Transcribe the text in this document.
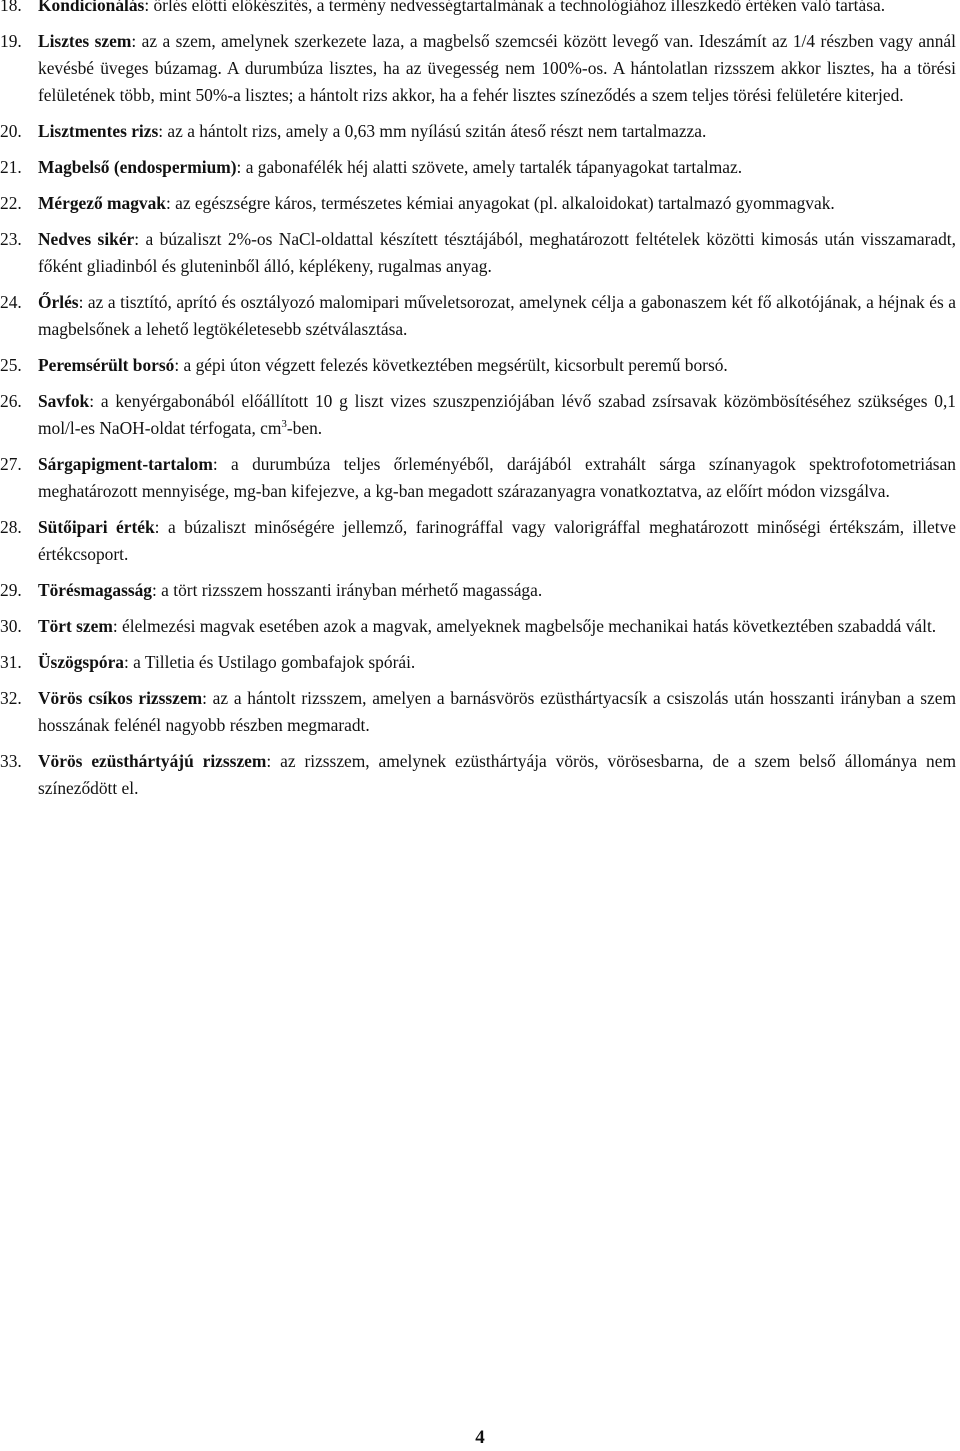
18. Kondicionálás: őrlés előtti előkészítés, a termény nedvességtartalmának a technológiához illeszkedő értéken való tartása.

19. Lisztes szem: az a szem, amelynek szerkezete laza, a magbelső szemcséi között levegő van. Ideszámít az 1/4 részben vagy annál kevésbé üveges búzamag. A durumbúza lisztes, ha az üvegesség nem 100%-os. A hántolatlan rizsszem akkor lisztes, ha a törési felületének több, mint 50%-a lisztes; a hántolt rizs akkor, ha a fehér lisztes színeződés a szem teljes törési felületére kiterjed.

20. Lisztmentes rizs: az a hántolt rizs, amely a 0,63 mm nyílású szitán áteső részt nem tartalmazza.

21. Magbelső (endospermium): a gabonafélék héj alatti szövete, amely tartalék tápanyagokat tartalmaz.

22. Mérgező magvak: az egészségre káros, természetes kémiai anyagokat (pl. alkaloidokat) tartalmazó gyommagvak.

23. Nedves sikér: a búzaliszt 2%-os NaCl-oldattal készített tésztájából, meghatározott feltételek közötti kimosás után visszamaradt, főként gliadinból és gluteninből álló, képlékeny, rugalmas anyag.

24. Őrlés: az a tisztító, aprító és osztályozó malomipari műveletsorozat, amelynek célja a gabonaszem két fő alkotójának, a héjnak és a magbelsőnek a lehető legtökéletesebb szétválasztása.

25. Peremsérült borsó: a gépi úton végzett felezés következtében megsérült, kicsorbult peremű borsó.

26. Savfok: a kenyérgabonából előállított 10 g liszt vizes szuszpenziójában lévő szabad zsírsavak közömbösítéséhez szükséges 0,1 mol/l-es NaOH-oldat térfogata, $cm^3$-ben.

27. Sárgapigment-tartalom: a durumbúza teljes őrleményéből, darájából extrahált sárga színanyagok spektrofotometriásan meghatározott mennyisége, mg-ban kifejezve, a kg-ban megadott szárazanyagra vonatkoztatva, az előírt módon vizsgálva.

28. Sütőipari érték: a búzaliszt minőségére jellemző, farinográffal vagy valorigráffal meghatározott minőségi értékszám, illetve értékcsoport.

29. Törésmagasság: a tört rizsszem hosszanti irányban mérhető magassága.

30. Tört szem: élelmezési magvak esetében azok a magvak, amelyeknek magbelsője mechanikai hatás következtében szabaddá vált.

31. Üszögspóra: a Tilletia és Ustilago gombafajok spórái.

32. Vörös csíkos rizsszem: az a hántolt rizsszem, amelyen a barnásvörös ezüsthártyacsík a csiszolás után hosszanti irányban a szem hosszának felénél nagyobb részben megmaradt.

33. Vörös ezüsthártyájú rizsszem: az rizsszem, amelynek ezüsthártyája vörös, vörösesbarna, de a szem belső állománya nem színeződött el.

4
